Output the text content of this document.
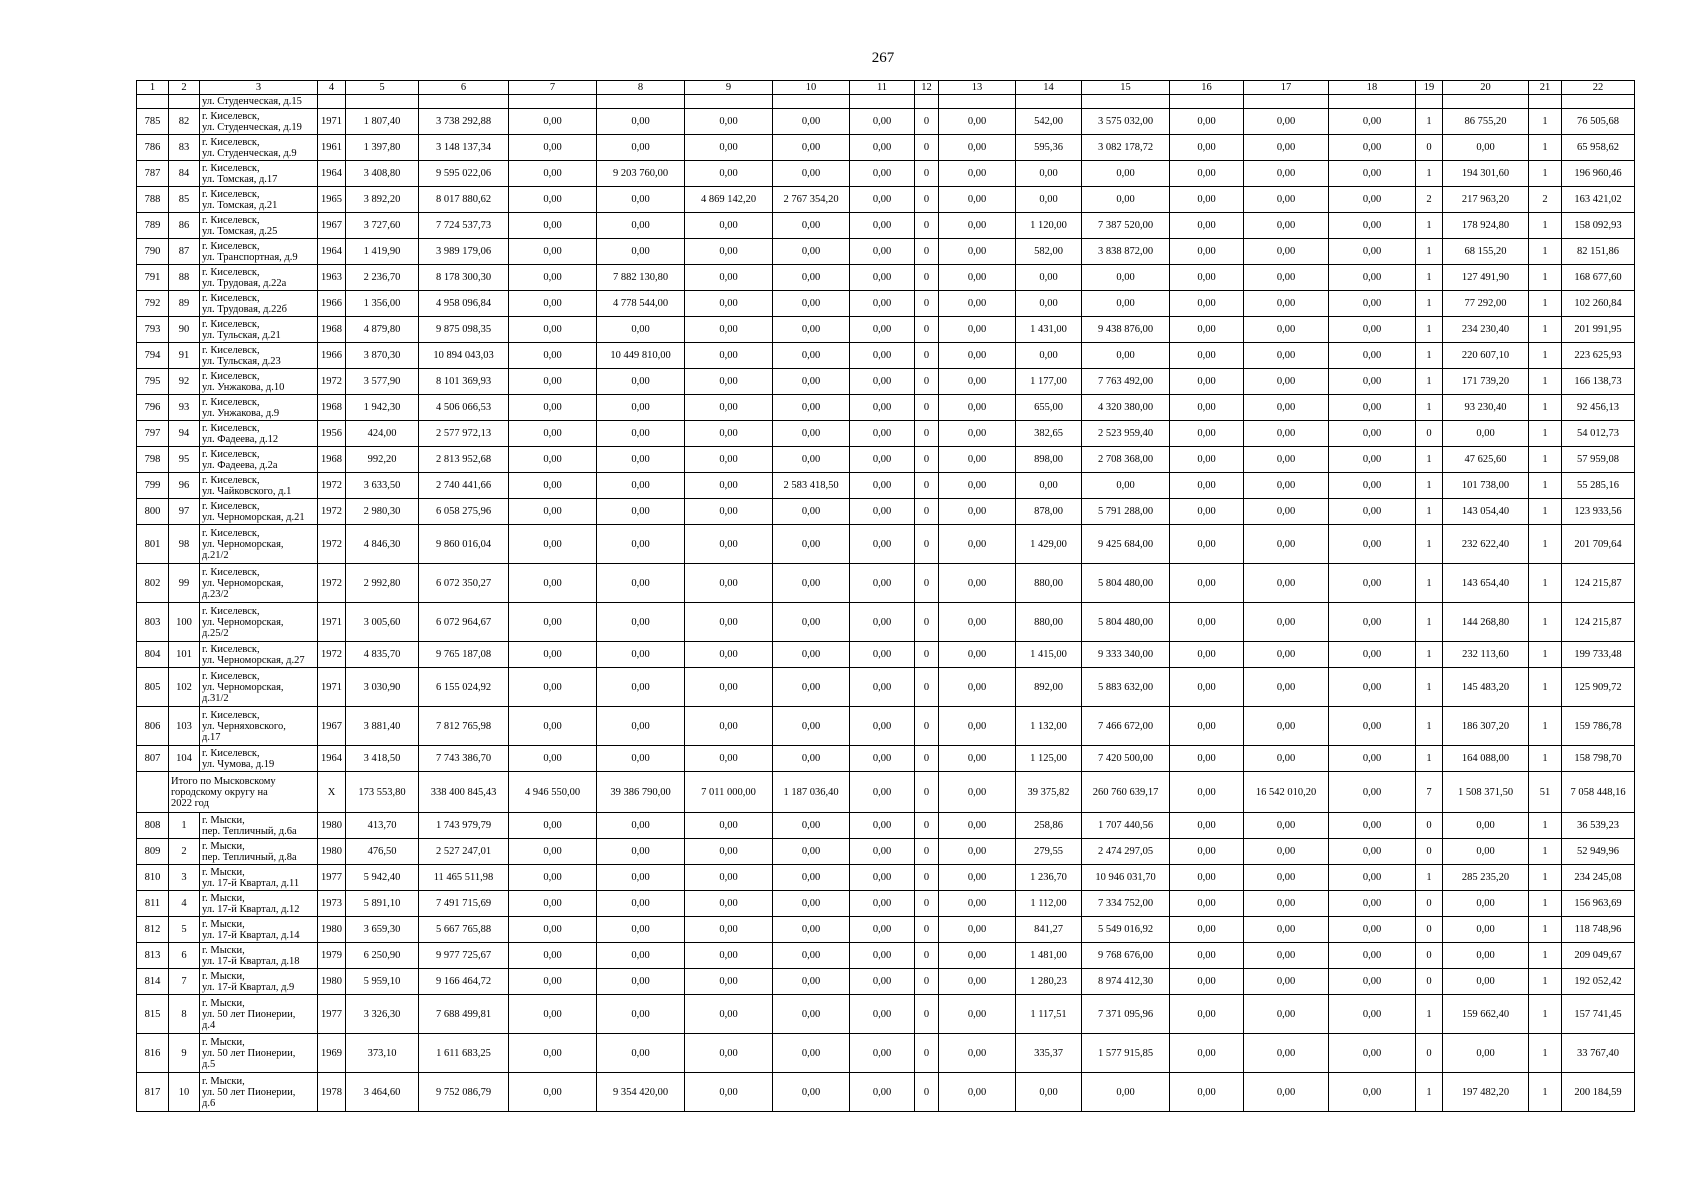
267
1	2	3	4	5	6	7	8	9	10	11	12	13	14	15	16	17	18	19	20	21	22
		ул. Студенческая, д.15																			
785	82	г. Киселевск,
ул. Студенческая, д.19	1971	1 807,40	3 738 292,88	0,00	0,00	0,00	0,00	0,00	0	0,00	542,00	3 575 032,00	0,00	0,00	0,00	1	86 755,20	1	76 505,68
786	83	г. Киселевск,
ул. Студенческая, д.9	1961	1 397,80	3 148 137,34	0,00	0,00	0,00	0,00	0,00	0	0,00	595,36	3 082 178,72	0,00	0,00	0,00	0	0,00	1	65 958,62
787	84	г. Киселевск,
ул. Томская, д.17	1964	3 408,80	9 595 022,06	0,00	9 203 760,00	0,00	0,00	0,00	0	0,00	0,00	0,00	0,00	0,00	0,00	1	194 301,60	1	196 960,46
788	85	г. Киселевск,
ул. Томская, д.21	1965	3 892,20	8 017 880,62	0,00	0,00	4 869 142,20	2 767 354,20	0,00	0	0,00	0,00	0,00	0,00	0,00	0,00	2	217 963,20	2	163 421,02
789	86	г. Киселевск,
ул. Томская, д.25	1967	3 727,60	7 724 537,73	0,00	0,00	0,00	0,00	0,00	0	0,00	1 120,00	7 387 520,00	0,00	0,00	0,00	1	178 924,80	1	158 092,93
790	87	г. Киселевск,
ул. Транспортная, д.9	1964	1 419,90	3 989 179,06	0,00	0,00	0,00	0,00	0,00	0	0,00	582,00	3 838 872,00	0,00	0,00	0,00	1	68 155,20	1	82 151,86
791	88	г. Киселевск,
ул. Трудовая, д.22а	1963	2 236,70	8 178 300,30	0,00	7 882 130,80	0,00	0,00	0,00	0	0,00	0,00	0,00	0,00	0,00	0,00	1	127 491,90	1	168 677,60
792	89	г. Киселевск,
ул. Трудовая, д.22б	1966	1 356,00	4 958 096,84	0,00	4 778 544,00	0,00	0,00	0,00	0	0,00	0,00	0,00	0,00	0,00	0,00	1	77 292,00	1	102 260,84
793	90	г. Киселевск,
ул. Тульская, д.21	1968	4 879,80	9 875 098,35	0,00	0,00	0,00	0,00	0,00	0	0,00	1 431,00	9 438 876,00	0,00	0,00	0,00	1	234 230,40	1	201 991,95
794	91	г. Киселевск,
ул. Тульская, д.23	1966	3 870,30	10 894 043,03	0,00	10 449 810,00	0,00	0,00	0,00	0	0,00	0,00	0,00	0,00	0,00	0,00	1	220 607,10	1	223 625,93
795	92	г. Киселевск,
ул. Унжакова, д.10	1972	3 577,90	8 101 369,93	0,00	0,00	0,00	0,00	0,00	0	0,00	1 177,00	7 763 492,00	0,00	0,00	0,00	1	171 739,20	1	166 138,73
796	93	г. Киселевск,
ул. Унжакова, д.9	1968	1 942,30	4 506 066,53	0,00	0,00	0,00	0,00	0,00	0	0,00	655,00	4 320 380,00	0,00	0,00	0,00	1	93 230,40	1	92 456,13
797	94	г. Киселевск,
ул. Фадеева, д.12	1956	424,00	2 577 972,13	0,00	0,00	0,00	0,00	0,00	0	0,00	382,65	2 523 959,40	0,00	0,00	0,00	0	0,00	1	54 012,73
798	95	г. Киселевск,
ул. Фадеева, д.2а	1968	992,20	2 813 952,68	0,00	0,00	0,00	0,00	0,00	0	0,00	898,00	2 708 368,00	0,00	0,00	0,00	1	47 625,60	1	57 959,08
799	96	г. Киселевск,
ул. Чайковского, д.1	1972	3 633,50	2 740 441,66	0,00	0,00	0,00	2 583 418,50	0,00	0	0,00	0,00	0,00	0,00	0,00	0,00	1	101 738,00	1	55 285,16
800	97	г. Киселевск,
ул. Черноморская, д.21	1972	2 980,30	6 058 275,96	0,00	0,00	0,00	0,00	0,00	0	0,00	878,00	5 791 288,00	0,00	0,00	0,00	1	143 054,40	1	123 933,56
801	98	г. Киселевск,
ул. Черноморская,
д.21/2	1972	4 846,30	9 860 016,04	0,00	0,00	0,00	0,00	0,00	0	0,00	1 429,00	9 425 684,00	0,00	0,00	0,00	1	232 622,40	1	201 709,64
802	99	г. Киселевск,
ул. Черноморская,
д.23/2	1972	2 992,80	6 072 350,27	0,00	0,00	0,00	0,00	0,00	0	0,00	880,00	5 804 480,00	0,00	0,00	0,00	1	143 654,40	1	124 215,87
803	100	г. Киселевск,
ул. Черноморская,
д.25/2	1971	3 005,60	6 072 964,67	0,00	0,00	0,00	0,00	0,00	0	0,00	880,00	5 804 480,00	0,00	0,00	0,00	1	144 268,80	1	124 215,87
804	101	г. Киселевск,
ул. Черноморская, д.27	1972	4 835,70	9 765 187,08	0,00	0,00	0,00	0,00	0,00	0	0,00	1 415,00	9 333 340,00	0,00	0,00	0,00	1	232 113,60	1	199 733,48
805	102	г. Киселевск,
ул. Черноморская,
д.31/2	1971	3 030,90	6 155 024,92	0,00	0,00	0,00	0,00	0,00	0	0,00	892,00	5 883 632,00	0,00	0,00	0,00	1	145 483,20	1	125 909,72
806	103	г. Киселевск,
ул. Черняховского,
д.17	1967	3 881,40	7 812 765,98	0,00	0,00	0,00	0,00	0,00	0	0,00	1 132,00	7 466 672,00	0,00	0,00	0,00	1	186 307,20	1	159 786,78
807	104	г. Киселевск,
ул. Чумова, д.19	1964	3 418,50	7 743 386,70	0,00	0,00	0,00	0,00	0,00	0	0,00	1 125,00	7 420 500,00	0,00	0,00	0,00	1	164 088,00	1	158 798,70
	Итого по Мысковскому
городскому округу на
2022 год		X	173 553,80	338 400 845,43	4 946 550,00	39 386 790,00	7 011 000,00	1 187 036,40	0,00	0	0,00	39 375,82	260 760 639,17	0,00	16 542 010,20	0,00	7	1 508 371,50	51	7 058 448,16
808	1	г. Мыски,
пер. Тепличный, д.6а	1980	413,70	1 743 979,79	0,00	0,00	0,00	0,00	0,00	0	0,00	258,86	1 707 440,56	0,00	0,00	0,00	0	0,00	1	36 539,23
809	2	г. Мыски,
пер. Тепличный, д.8а	1980	476,50	2 527 247,01	0,00	0,00	0,00	0,00	0,00	0	0,00	279,55	2 474 297,05	0,00	0,00	0,00	0	0,00	1	52 949,96
810	3	г. Мыски,
ул. 17-й Квартал, д.11	1977	5 942,40	11 465 511,98	0,00	0,00	0,00	0,00	0,00	0	0,00	1 236,70	10 946 031,70	0,00	0,00	0,00	1	285 235,20	1	234 245,08
811	4	г. Мыски,
ул. 17-й Квартал, д.12	1973	5 891,10	7 491 715,69	0,00	0,00	0,00	0,00	0,00	0	0,00	1 112,00	7 334 752,00	0,00	0,00	0,00	0	0,00	1	156 963,69
812	5	г. Мыски,
ул. 17-й Квартал, д.14	1980	3 659,30	5 667 765,88	0,00	0,00	0,00	0,00	0,00	0	0,00	841,27	5 549 016,92	0,00	0,00	0,00	0	0,00	1	118 748,96
813	6	г. Мыски,
ул. 17-й Квартал, д.18	1979	6 250,90	9 977 725,67	0,00	0,00	0,00	0,00	0,00	0	0,00	1 481,00	9 768 676,00	0,00	0,00	0,00	0	0,00	1	209 049,67
814	7	г. Мыски,
ул. 17-й Квартал, д.9	1980	5 959,10	9 166 464,72	0,00	0,00	0,00	0,00	0,00	0	0,00	1 280,23	8 974 412,30	0,00	0,00	0,00	0	0,00	1	192 052,42
815	8	г. Мыски,
ул. 50 лет Пионерии,
д.4	1977	3 326,30	7 688 499,81	0,00	0,00	0,00	0,00	0,00	0	0,00	1 117,51	7 371 095,96	0,00	0,00	0,00	1	159 662,40	1	157 741,45
816	9	г. Мыски,
ул. 50 лет Пионерии,
д.5	1969	373,10	1 611 683,25	0,00	0,00	0,00	0,00	0,00	0	0,00	335,37	1 577 915,85	0,00	0,00	0,00	0	0,00	1	33 767,40
817	10	г. Мыски,
ул. 50 лет Пионерии,
д.6	1978	3 464,60	9 752 086,79	0,00	9 354 420,00	0,00	0,00	0,00	0	0,00	0,00	0,00	0,00	0,00	0,00	1	197 482,20	1	200 184,59
